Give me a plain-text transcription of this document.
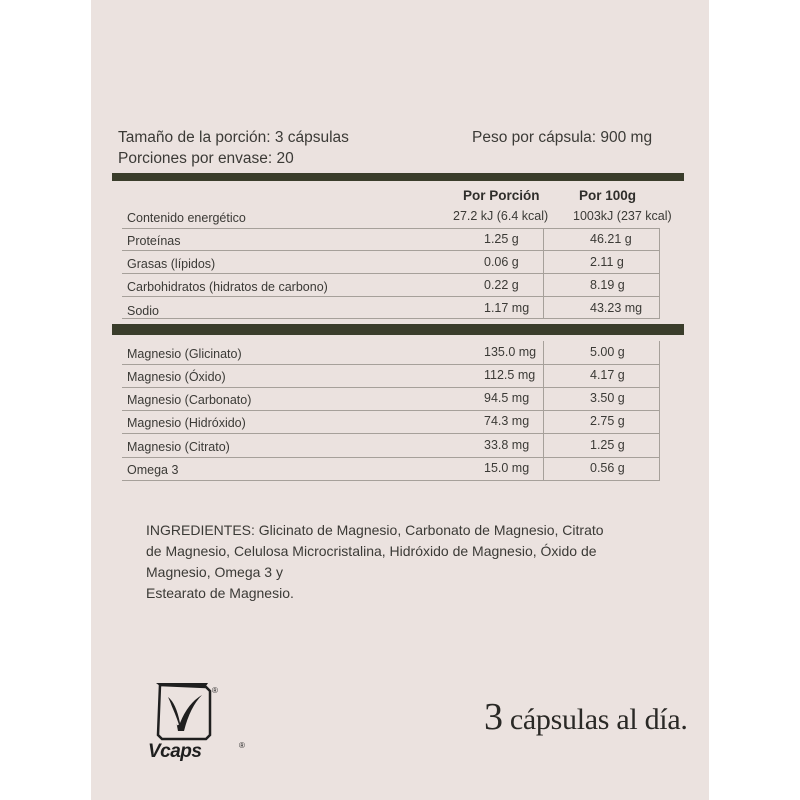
Tamaño de la porción: 3 cápsulas
Porciones por envase: 20
Peso por cápsula: 900 mg
Por Porción	Por 100g
Contenido energético	27.2 kJ (6.4 kcal) 1003kJ (237 kcal)
Proteínas	1.25 g	46.21 g
Grasas (lípidos)	0.06 g	2.11 g
Carbohidratos (hidratos de carbono)	0.22 g	8.19 g
Sodio	1.17 mg	43.23 mg
Magnesio (Glicinato)	135.0 mg	5.00 g
Magnesio (Óxido)	112.5 mg	4.17 g
Magnesio (Carbonato)	94.5 mg	3.50 g
Magnesio (Hidróxido)	74.3 mg	2.75 g
Magnesio (Citrato)	33.8 mg	1.25 g
Omega 3	15.0 mg	0.56 g
INGREDIENTES: Glicinato de Magnesio, Carbonato de Magnesio, Citrato
de Magnesio, Celulosa Microcristalina, Hidróxido de Magnesio, Óxido de
Magnesio, Omega 3 y
Estearato de Magnesio.
Vcaps
®
®
3 cápsulas al día.
